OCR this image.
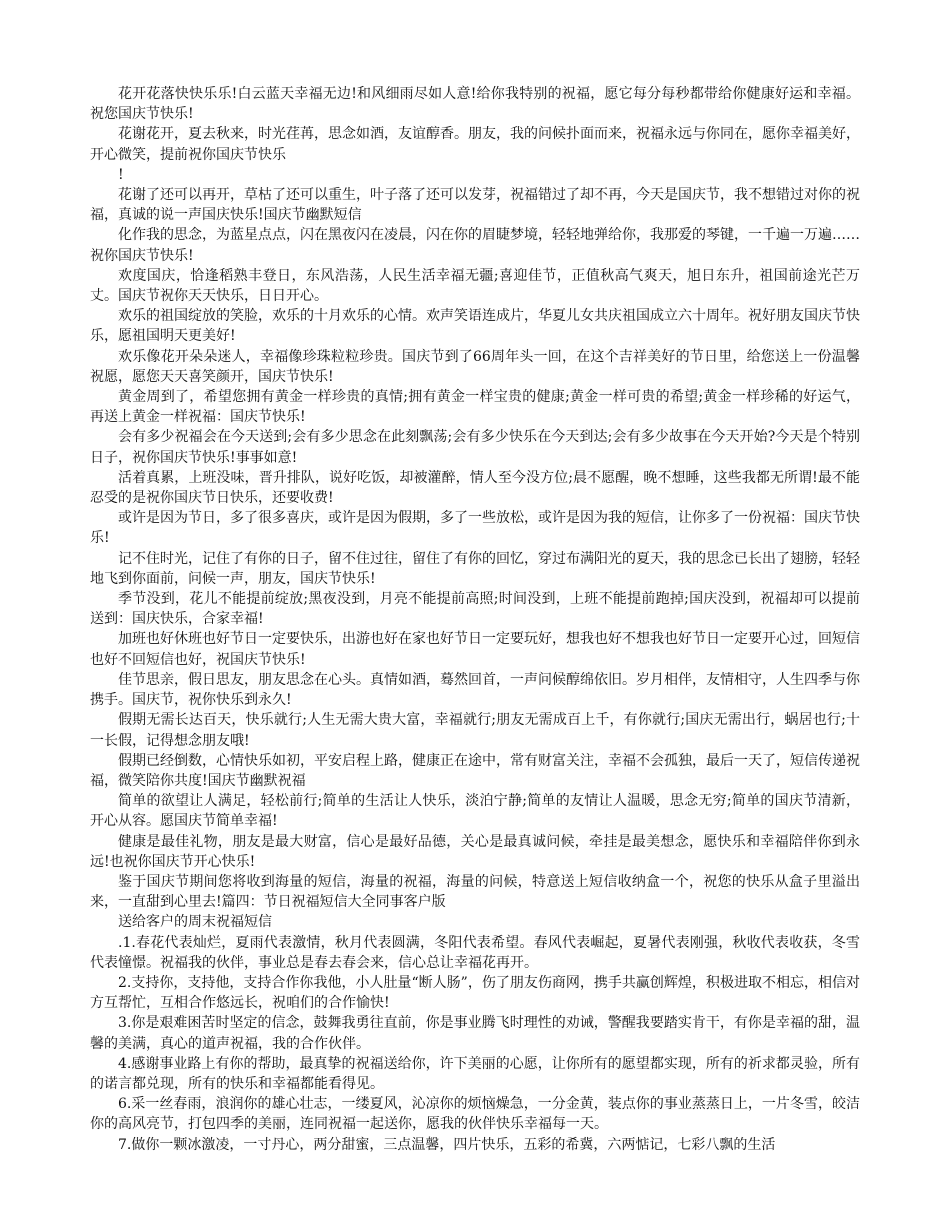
花开花落快快乐乐!白云蓝天幸福无边!和风细雨尽如人意!给你我特别的祝福，愿它每分每秒都带给你健康好运和幸福。祝您国庆节快乐!

花谢花开，夏去秋来，时光荏苒，思念如酒，友谊醇香。朋友，我的问候扑面而来，祝福永远与你同在，愿你幸福美好，开心微笑，提前祝你国庆节快乐

!

花谢了还可以再开，草枯了还可以重生，叶子落了还可以发芽，祝福错过了却不再，今天是国庆节，我不想错过对你的祝福，真诚的说一声国庆快乐!国庆节幽默短信

化作我的思念，为蓝星点点，闪在黑夜闪在凌晨，闪在你的眉睫梦境，轻轻地弹给你，我那爱的琴键，一千遍一万遍……祝你国庆节快乐!

欢度国庆，恰逢稻熟丰登日，东风浩荡，人民生活幸福无疆;喜迎佳节，正值秋高气爽天，旭日东升，祖国前途光芒万丈。国庆节祝你天天快乐，日日开心。

欢乐的祖国绽放的笑脸，欢乐的十月欢乐的心情。欢声笑语连成片，华夏儿女共庆祖国成立六十周年。祝好朋友国庆节快乐，愿祖国明天更美好!

欢乐像花开朵朵迷人，幸福像珍珠粒粒珍贵。国庆节到了66周年头一回，在这个吉祥美好的节日里，给您送上一份温馨祝愿，愿您天天喜笑颜开，国庆节快乐!

黄金周到了，希望您拥有黄金一样珍贵的真情;拥有黄金一样宝贵的健康;黄金一样可贵的希望;黄金一样珍稀的好运气，再送上黄金一样祝福：国庆节快乐!

会有多少祝福会在今天送到;会有多少思念在此刻飘荡;会有多少快乐在今天到达;会有多少故事在今天开始?今天是个特别日子，祝你国庆节快乐!事事如意!

活着真累，上班没味，晋升排队，说好吃饭，却被灌醉，情人至今没方位;晨不愿醒，晚不想睡，这些我都无所谓!最不能忍受的是祝你国庆节日快乐，还要收费!

或许是因为节日，多了很多喜庆，或许是因为假期，多了一些放松，或许是因为我的短信，让你多了一份祝福：国庆节快乐!

记不住时光，记住了有你的日子，留不住过往，留住了有你的回忆，穿过布满阳光的夏天，我的思念已长出了翅膀，轻轻地飞到你面前，问候一声，朋友，国庆节快乐!

季节没到，花儿不能提前绽放;黑夜没到，月亮不能提前高照;时间没到，上班不能提前跑掉;国庆没到，祝福却可以提前送到：国庆快乐，合家幸福!

加班也好休班也好节日一定要快乐，出游也好在家也好节日一定要玩好，想我也好不想我也好节日一定要开心过，回短信也好不回短信也好，祝国庆节快乐!

佳节思亲，假日思友，朋友思念在心头。真情如酒，蓦然回首，一声问候醇绵依旧。岁月相伴，友情相守，人生四季与你携手。国庆节，祝你快乐到永久!

假期无需长达百天，快乐就行;人生无需大贵大富，幸福就行;朋友无需成百上千，有你就行;国庆无需出行，蜗居也行;十一长假，记得想念朋友哦!

假期已经倒数，心情快乐如初，平安启程上路，健康正在途中，常有财富关注，幸福不会孤独，最后一天了，短信传递祝福，微笑陪你共度!国庆节幽默祝福

简单的欲望让人满足，轻松前行;简单的生活让人快乐，淡泊宁静;简单的友情让人温暖，思念无穷;简单的国庆节清新，开心从容。愿国庆节简单幸福!

健康是最佳礼物，朋友是最大财富，信心是最好品德，关心是最真诚问候，牵挂是最美想念，愿快乐和幸福陪伴你到永远!也祝你国庆节开心快乐!

鉴于国庆节期间您将收到海量的短信，海量的祝福，海量的问候，特意送上短信收纳盒一个，祝您的快乐从盒子里溢出来，一直甜到心里去!篇四：节日祝福短信大全同事客户版

送给客户的周末祝福短信

.1.春花代表灿烂，夏雨代表激情，秋月代表圆满，冬阳代表希望。春风代表崛起，夏暑代表刚强，秋收代表收获，冬雪代表憧憬。祝福我的伙伴，事业总是春去春会来，信心总让幸福花再开。

2.支持你，支持他，支持合作你我他，小人肚量“断人肠”，伤了朋友伤商网，携手共赢创辉煌，积极进取不相忘，相信对方互帮忙，互相合作悠远长，祝咱们的合作愉快!

3.你是艰难困苦时坚定的信念，鼓舞我勇往直前，你是事业腾飞时理性的劝诫，警醒我要踏实肯干，有你是幸福的甜，温馨的美满，真心的道声祝福，我的合作伙伴。

4.感谢事业路上有你的帮助，最真挚的祝福送给你，许下美丽的心愿，让你所有的愿望都实现，所有的祈求都灵验，所有的诺言都兑现，所有的快乐和幸福都能看得见。

6.采一丝春雨，浪润你的雄心壮志，一缕夏风，沁凉你的烦恼燥急，一分金黄，装点你的事业蒸蒸日上，一片冬雪，皎洁你的高风亮节，打包四季的美丽，连同祝福一起送你，愿我的伙伴快乐幸福每一天。

7.做你一颗冰激凌，一寸丹心，两分甜蜜，三点温馨，四片快乐，五彩的希冀，六两惦记，七彩八飘的生活
